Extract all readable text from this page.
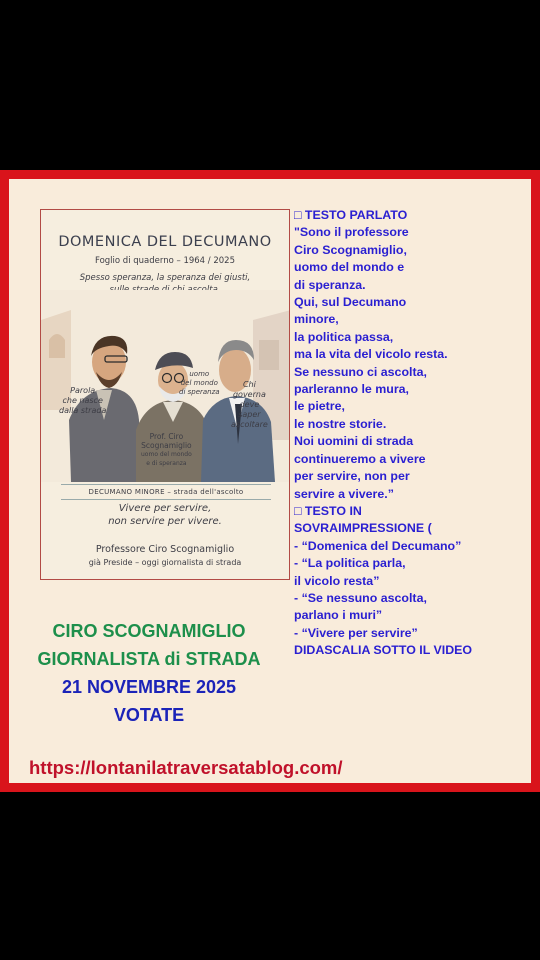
DOMENICA DEL DECUMANO
Foglio di quaderno – 1964 / 2025
Spesso speranza, la speranza dei giusti,
Parola
che nasce
dalla strada
uomo
del mondo
di speranza
Chi
governa
deve
saper
ascoltare
Prof. Ciro
Scognamiglio
uomo del mondo
e di speranza
DECUMANO MINORE – strada dell'ascolto
Vivere per servire,
non servire per vivere.
Professore Ciro Scognamiglio
già Preside – oggi giornalista di strada
□ TESTO PARLATO
"Sono il professore
Ciro Scognamiglio,
uomo del mondo e
di speranza.
Qui, sul Decumano
minore,
la politica passa,
ma la vita del vicolo resta.
Se nessuno ci ascolta,
parleranno le mura,
le pietre,
le nostre storie.
Noi uomini di strada
continueremo a vivere
per servire, non per
servire a vivere.”
□ TESTO IN
SOVRAIMPRESSIONE (
- “Domenica del Decumano”
- “La politica parla,
il vicolo resta”
- “Se nessuno ascolta,
parlano i muri”
- “Vivere per servire”
DIDASCALIA SOTTO IL VIDEO
CIRO SCOGNAMIGLIO
GIORNALISTA di STRADA
21 NOVEMBRE 2025
VOTATE
https://lontanilatraversatablog.com/
